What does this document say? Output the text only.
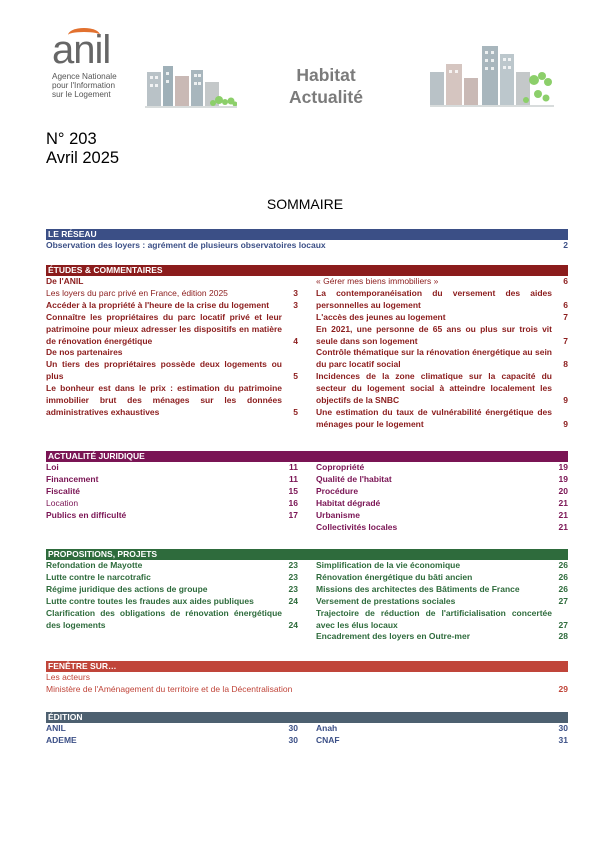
anil
Agence Nationale
pour l'Information
sur le Logement
Habitat
Actualité
N° 203
Avril 2025
SOMMAIRE
LE RÉSEAU
Observation des loyers : agrément de plusieurs observatoires locaux	2
ÉTUDES & COMMENTAIRES
De l'ANIL
Les loyers du parc privé en France, édition 2025	3
Accéder à la propriété à l'heure de la crise du logement	3
Connaître les propriétaires du parc locatif privé et leur patrimoine pour mieux adresser les dispositifs en matière de rénovation énergétique	4
De nos partenaires
Un tiers des propriétaires possède deux logements ou plus	5
Le bonheur est dans le prix : estimation du patrimoine immobilier brut des ménages sur les données administratives exhaustives	5
« Gérer mes biens immobiliers »	6
La contemporanéisation du versement des aides personnelles au logement	6
L'accès des jeunes au logement	7
En 2021, une personne de 65 ans ou plus sur trois vit seule dans son logement	7
Contrôle thématique sur la rénovation énergétique au sein du parc locatif social	8
Incidences de la zone climatique sur la capacité du secteur du logement social à atteindre localement les objectifs de la SNBC	9
Une estimation du taux de vulnérabilité énergétique des ménages pour le logement	9
ACTUALITÉ JURIDIQUE
Loi	11
Financement	11
Fiscalité	15
Location	16
Publics en difficulté	17
Copropriété	19
Qualité de l'habitat	19
Procédure	20
Habitat dégradé	21
Urbanisme	21
Collectivités locales	21
PROPOSITIONS, PROJETS
Refondation de Mayotte	23
Lutte contre le narcotrafic	23
Régime juridique des actions de groupe	23
Lutte contre toutes les fraudes aux aides publiques	24
Clarification des obligations de rénovation énergétique des logements	24
Simplification de la vie économique	26
Rénovation énergétique du bâti ancien	26
Missions des architectes des Bâtiments de France	26
Versement de prestations sociales	27
Trajectoire de réduction de l'artificialisation concertée avec les élus locaux	27
Encadrement des loyers en Outre-mer	28
FENÊTRE SUR…
Les acteurs
Ministère de l'Aménagement du territoire et de la Décentralisation	29
ÉDITION
ANIL	30
ADEME	30
Anah	30
CNAF	31
